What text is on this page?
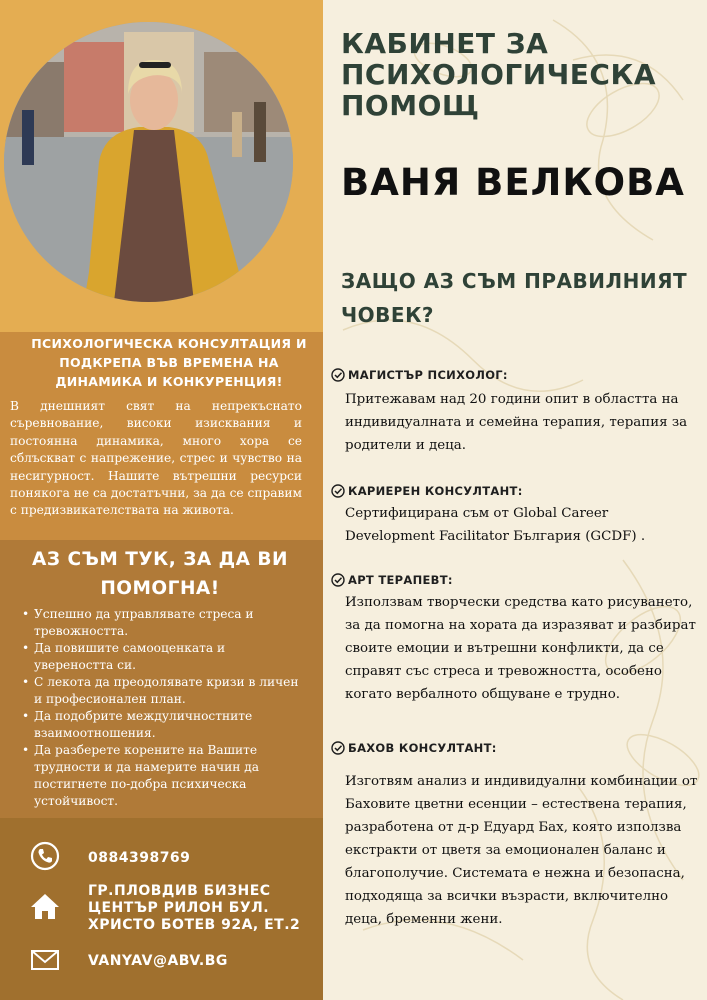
ПСИХОЛОГИЧЕСКА КОНСУЛТАЦИЯ И ПОДКРЕПА ВЪВ ВРЕМЕНА НА ДИНАМИКА И КОНКУРЕНЦИЯ!

В днешният свят на непрекъснато съревнование, високи изисквания и постоянна динамика, много хора се сблъскват с напрежение, стрес и чувство на несигурност. Нашите вътрешни ресурси понякога не са достатъчни, за да се справим с предизвикателствата на живота.

АЗ СЪМ ТУК, ЗА ДА ВИ ПОМОГНА!
• Успешно да управлявате стреса и тревожността.
• Да повишите самооценката и увереността си.
• С лекота да преодолявате кризи в личен и професионален план.
• Да подобрите междуличностните взаимоотношения.
• Да разберете корените на Вашите трудности и да намерите начин да постигнете по-добра психическа устойчивост.
0884398769
ГР.ПЛОВДИВ БИЗНЕС ЦЕНТЪР РИЛОН БУЛ. ХРИСТО БОТЕВ 92А, ЕТ.2
VANYAV@ABV.BG
КАБИНЕТ ЗА ПСИХОЛОГИЧЕСКА ПОМОЩ
ВАНЯ ВЕЛКОВА
ЗАЩО АЗ СЪМ ПРАВИЛНИЯТ ЧОВЕК?
МАГИСТЪР ПСИХОЛОГ:

Притежавам над 20 години опит в областта на индивидуалната и семейна терапия, терапия за родители и деца.

КАРИЕРЕН КОНСУЛТАНТ:

Сертифицирана съм от Global Career Development Facilitator България (GCDF) .

АРТ ТЕРАПЕВТ:

Използвам творчески средства като рисуването, за да помогна на хората да изразяват и разбират своите емоции и вътрешни конфликти, да се справят със стреса и тревожността, особено когато вербалното общуване е трудно.

БАХОВ КОНСУЛТАНТ:

Изготвям анализ и индивидуални комбинации от Баховите цветни есенции – естествена терапия, разработена от д-р Едуард Бах, която използва екстракти от цветя за емоционален баланс и благополучие. Системата е нежна и безопасна, подходяща за всички възрасти, включително деца, бременни жени.
